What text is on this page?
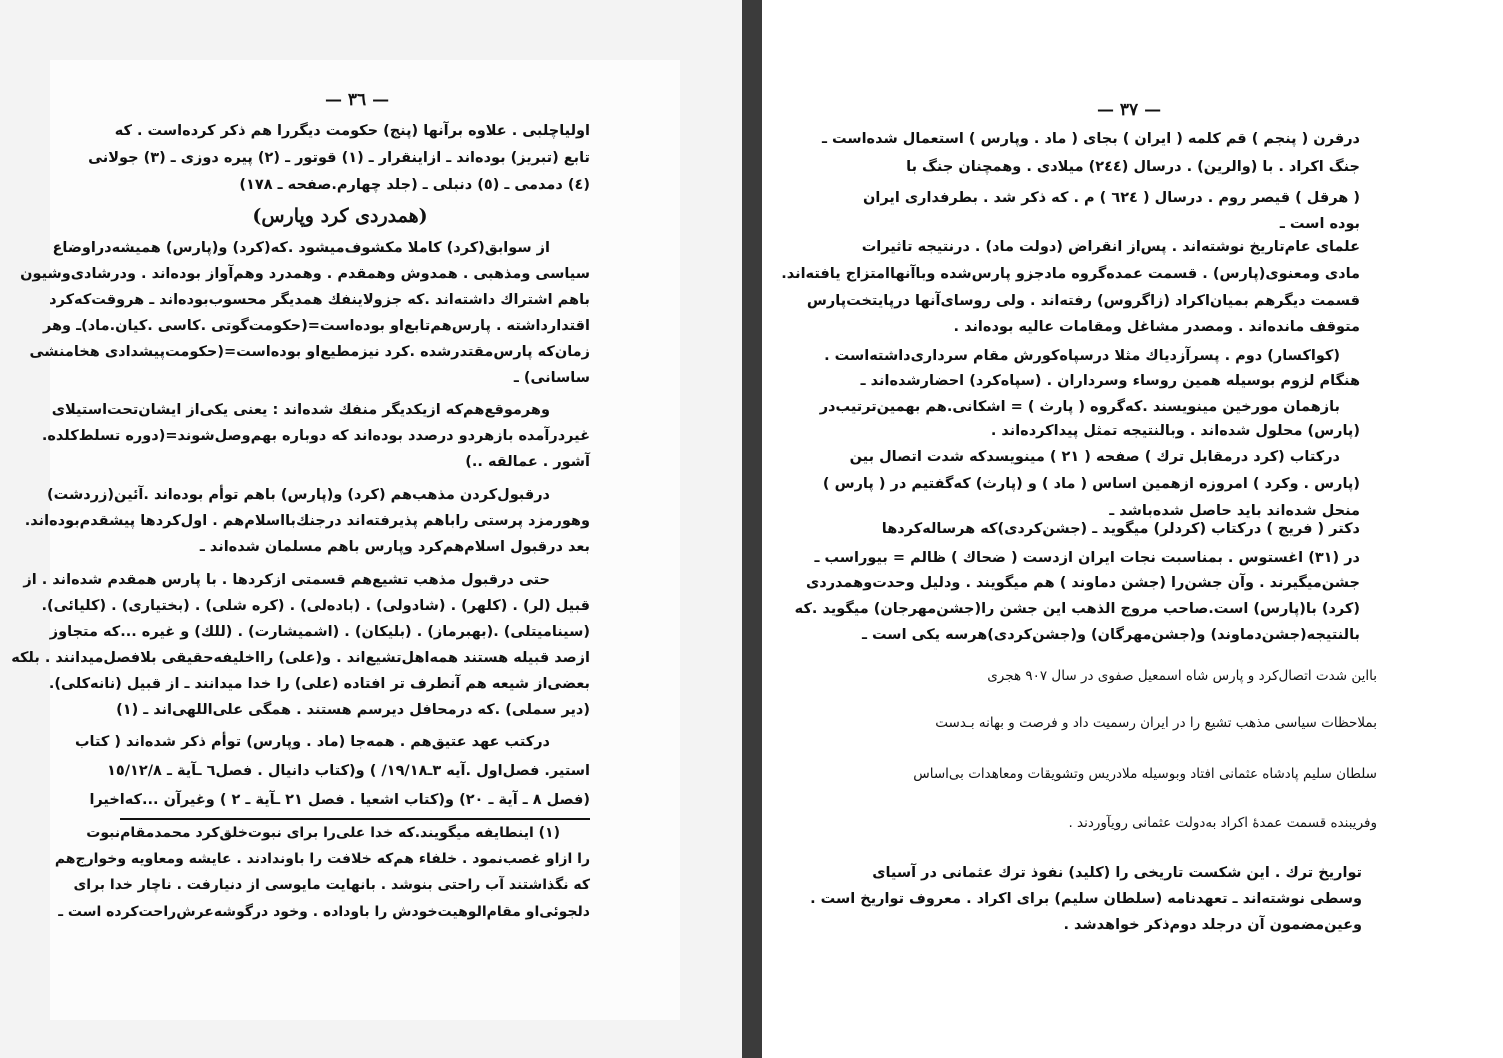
— ٣٦ —
اولیاچلبی . علاوه برآنها (پنج) حکومت دیگررا هم ذکر کرده‌است . که
تابع (تبریز) بوده‌اند ـ ازاینقرار ـ (١) قوتور ـ (٢) پیره دوزی ـ (٣) جولانی
(٤) دمدمی ـ (٥) دنبلی ـ (جلد چهارم.صفحه ـ ١٧٨)
(همدردی کرد وپارس)
از سوابق(کرد) کاملا مکشوف‌میشود .که(کرد) و(پارس) همیشه‌دراوضاع
سیاسی ومذهبی . همدوش وهمقدم . وهمدرد وهم‌آواز بوده‌اند . ودرشادی‌وشیون
باهم اشتراك داشته‌اند .که جزولاینفك همدیگر محسوب‌بوده‌اند ـ هروقت‌که‌کرد
اقتدارداشته . پارس‌هم‌تابع‌او بوده‌است=(حکومت‌گوتی .کاسی .کیان.ماد)ـ وهر
زمان‌که پارس‌مقتدرشده .کرد نیزمطیع‌او بوده‌است=(حکومت‌پیشدادی هخامنشی
ساسانی) ـ
وهرموقع‌هم‌که ازیکدیگر منفك شده‌اند : یعنی یکی‌از ایشان‌تحت‌استیلای
غیردرآمده بازهردو درصدد بوده‌اند که دوباره بهم‌وصل‌شوند=(دوره تسلط‌کلده.
آشور . عمالقه ..)
درقبول‌کردن مذهب‌هم (کرد) و(پارس) باهم توأم بوده‌اند .آئین(زردشت)
وهورمزد پرستی راباهم پذیرفته‌اند درجنك‌بااسلام‌هم . اول‌کردها پیشقدم‌بوده‌اند.
بعد درقبول اسلام‌هم‌کرد وپارس باهم مسلمان شده‌اند ـ
حتی درقبول مذهب تشیع‌هم قسمتی ازکردها . با پارس همقدم شده‌اند . از
قبیل (لر) . (کلهر) . (شادولی) . (باده‌لی) . (کره شلی) . (بختیاری) . (کلیائی).
(سینامیتلی) .(بهبرماز) . (بلیکان) . (اشمیشارت) . (للك) و غیره ...که متجاوز
ازصد قبیله هستند همه‌اهل‌تشیع‌اند . و(علی) رااخلیفه‌حقیقی بلافصل‌میدانند . بلکه
بعضی‌از شیعه هم آنطرف تر افتاده (علی) را خدا میدانند ـ از قبیل (نانه‌کلی).
(دیر سملی) .که درمحافل دیرسم هستند . همگی علی‌اللهی‌اند ـ (١)
درکتب عهد عتیق‌هم . همه‌جا (ماد . وپارس) توأم ذکر شده‌اند ( کتاب
استیر. فصل‌اول .آیه ٣ـ١٩/١٨/ ) و(کتاب دانیال . فصل٦ ـآیة ـ ١٥/١٢/٨
(فصل ٨ ـ آیة ـ ٢٠) و(کتاب اشعیا . فصل ٢١ ـآیة ـ ٢ ) وغیرآن ...که‌اخیرا
(١) اینطایفه میگویند.که خدا علی‌را برای نبوت‌خلق‌کرد محمدمقام‌نبوت
را ازاو غصب‌نمود . خلفاء هم‌که خلافت را باو‌ندادند . عایشه ومعاویه وخوارج‌هم
که نگذاشتند آب راحتی بنوشد . بانهایت مایوسی از دنیارفت . ناچار خدا برای
دلجوئی‌او مقام‌الوهیت‌خودش را باوداده . وخود درگوشه‌عرش‌راحت‌کرده است ـ
— ٣٧ —
درقرن ( پنجم ) قم کلمه ( ایران ) بجای ( ماد . وپارس ) استعمال شده‌است ـ
جنگ اکراد . با (والرین) . درسال (٢٤٤) میلادی . وهمچنان جنگ با
( هرقل ) قیصر روم . درسال ( ٦٢٤ ) م . که ذکر شد . بطرفداری ایران
بوده است ـ
علمای عام‌تاریخ نوشته‌اند . پس‌از انقراض (دولت ماد) . درنتیجه تاثیرات
مادی ومعنوی(پارس) . قسمت عمده‌گروه مادجزو پارس‌شده وباآنهاامتزاج یافته‌اند.
قسمت دیگرهم بمیان‌اکراد (زاگروس) رفته‌اند . ولی روسای‌آنها درپایتخت‌پارس
متوقف مانده‌اند . ومصدر مشاغل ومقامات عالیه بوده‌اند .
(کواکسار) دوم . پسرآزدیاك مثلا درسپاه‌کورش مقام سرداری‌داشته‌است .
هنگام لزوم بوسیله همین روساء وسرداران . (سپاه‌کرد) احضارشده‌اند ـ
بازهمان مورخین مینویسند .که‌گروه ( پارث ) = اشکانی.هم بهمین‌ترتیب‌در
(پارس) محلول شده‌اند . وبالنتیجه تمثل پیداکرده‌اند .
درکتاب (کرد درمقابل ترك ) صفحه ( ٢١ ) مینویسدکه شدت اتصال بین
(پارس . وکرد ) امروزه ازهمین اساس ( ماد ) و (پارث) که‌گفتیم در ( پارس )
منحل شده‌اند باید حاصل شده‌باشد ـ
دکتر ( فریج ) درکتاب (کردلر) میگوید ـ (جشن‌کردی)که هرساله‌کردها
در (٣١) اغستوس . بمناسبت نجات ایران ازدست ( ضحاك ) ظالم = بیوراسب ـ
جشن‌میگیرند . وآن جشن‌را (جشن دماوند ) هم میگویند . ودلیل وحدت‌وهمدردی
(کرد) با(پارس) است.صاحب مروج الذهب این جشن را(جشن‌مهرجان) میگوید .که
بالنتیجه(جشن‌دماوند) و(جشن‌مهرگان) و(جشن‌کردی)هرسه یکی است ـ
بااین شدت اتصال‌کرد و پارس شاه اسمعیل صفوی در سال ٩٠٧ هجری
بملاحظات سیاسی مذهب تشیع را در ایران رسمیت داد و فرصت و بهانه بـدست
سلطان سلیم پادشاه عثمانی افتاد وبوسیله ملادریس وتشویقات ومعاهدات بی‌اساس
وفریبنده قسمت عمدهٔ اکراد به‌دولت عثمانی رویآوردند .
تواریخ ترك . این شکست تاریخی را (کلید) نفوذ ترك عثمانی در آسیای
وسطی نوشته‌اند ـ تعهدنامه (سلطان سلیم) برای اکراد . معروف تواریخ است .
وعین‌مضمون آن درجلد دوم‌ذکر خواهدشد .
